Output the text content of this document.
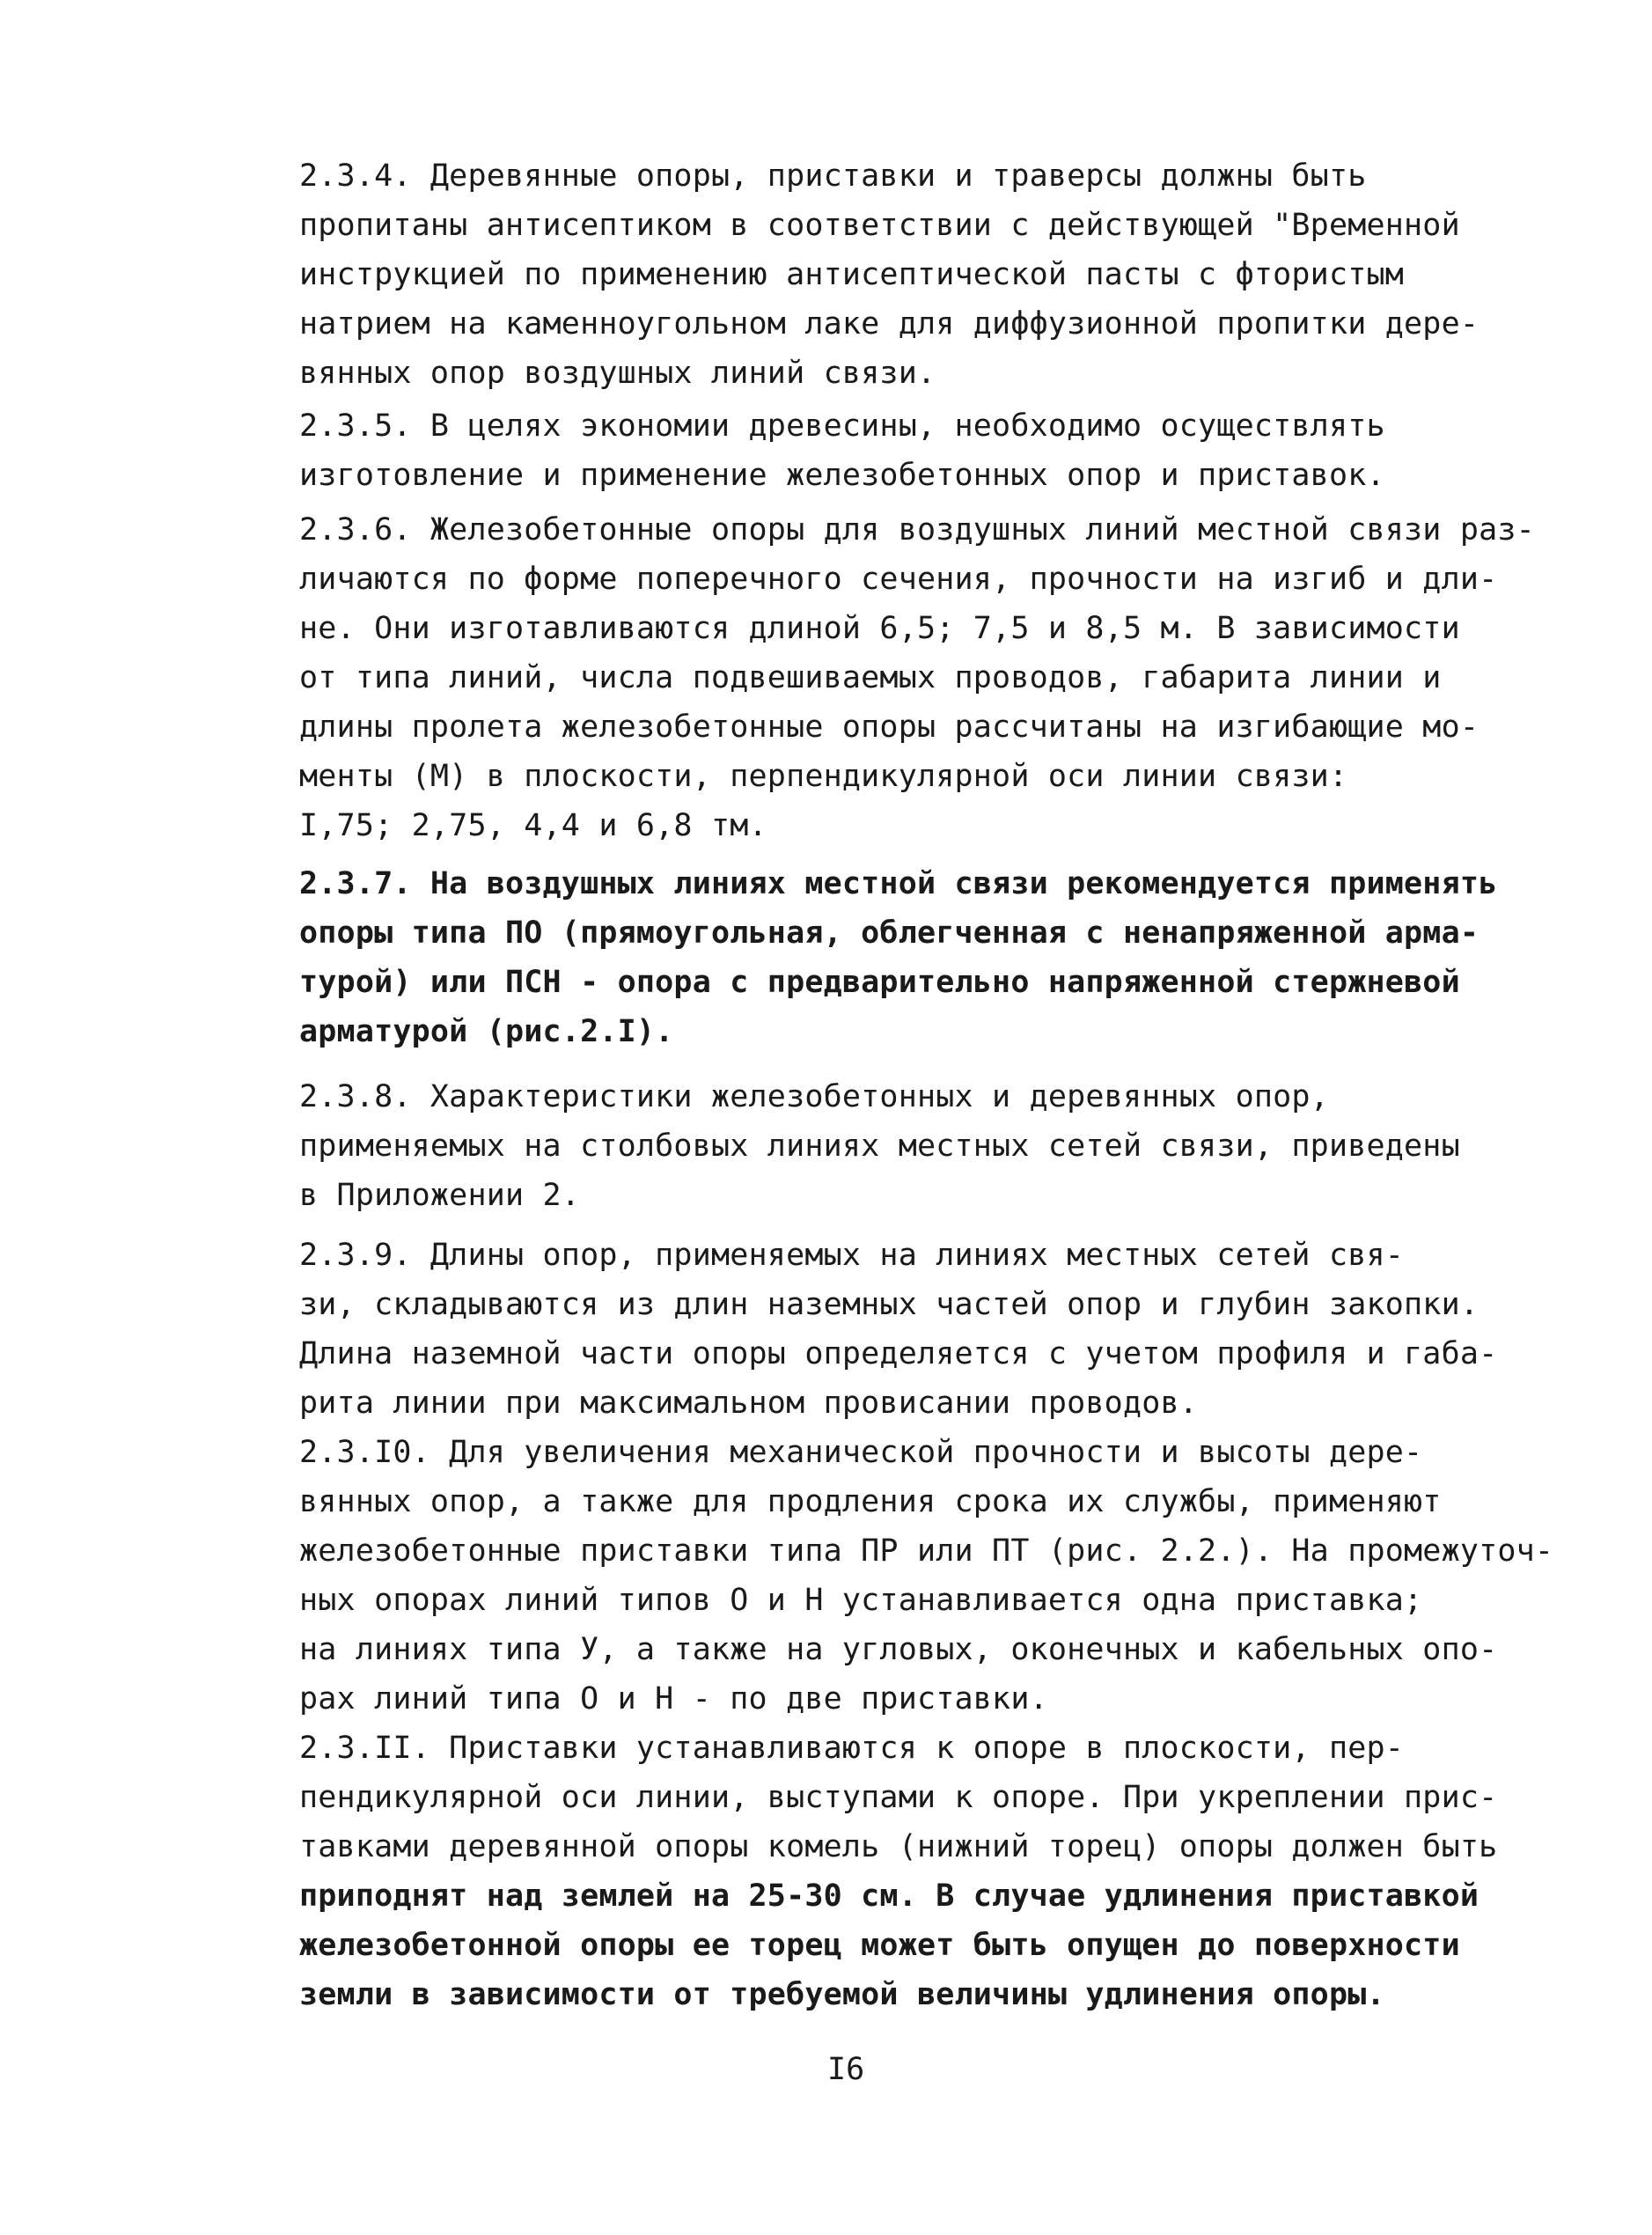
2.3.4. Деревянные опоры, приставки и траверсы должны быть
пропитаны антисептиком в соответствии с действующей "Временной
инструкцией по применению антисептической пасты с фтористым
натрием на каменноугольном лаке для диффузионной пропитки дере-
вянных опор воздушных линий связи.
2.3.5. В целях экономии древесины, необходимо осуществлять
изготовление и применение железобетонных опор и приставок.
2.3.6. Железобетонные опоры для воздушных линий местной связи раз-
личаются по форме поперечного сечения, прочности на изгиб и дли-
не. Они изготавливаются длиной 6,5; 7,5 и 8,5 м. В зависимости
от типа линий, числа подвешиваемых проводов, габарита линии и
длины пролета железобетонные опоры рассчитаны на изгибающие мо-
менты (М) в плоскости, перпендикулярной оси линии связи:
I,75; 2,75, 4,4 и 6,8 тм.
2.3.7. На воздушных линиях местной связи рекомендуется применять
опоры типа ПО (прямоугольная, облегченная с ненапряженной арма-
турой) или ПСН - опора с предварительно напряженной стержневой
арматурой (рис.2.I).
2.3.8. Характеристики железобетонных и деревянных опор,
применяемых на столбовых линиях местных сетей связи, приведены
в Приложении 2.
2.3.9. Длины опор, применяемых на линиях местных сетей свя-
зи, складываются из длин наземных частей опор и глубин закопки.
Длина наземной части опоры определяется с учетом профиля и габа-
рита линии при максимальном провисании проводов.
2.3.I0. Для увеличения механической прочности и высоты дере-
вянных опор, а также для продления срока их службы, применяют
железобетонные приставки типа ПР или ПТ (рис. 2.2.). На промежуточ-
ных опорах линий типов О и Н устанавливается одна приставка;
на линиях типа У, а также на угловых, оконечных и кабельных опо-
рах линий типа О и Н - по две приставки.
2.3.II. Приставки устанавливаются к опоре в плоскости, пер-
пендикулярной оси линии, выступами к опоре. При укреплении прис-
тавками деревянной опоры комель (нижний торец) опоры должен быть
приподнят над землей на 25-30 см. В случае удлинения приставкой
железобетонной опоры ее торец может быть опущен до поверхности
земли в зависимости от требуемой величины удлинения опоры.
I6
